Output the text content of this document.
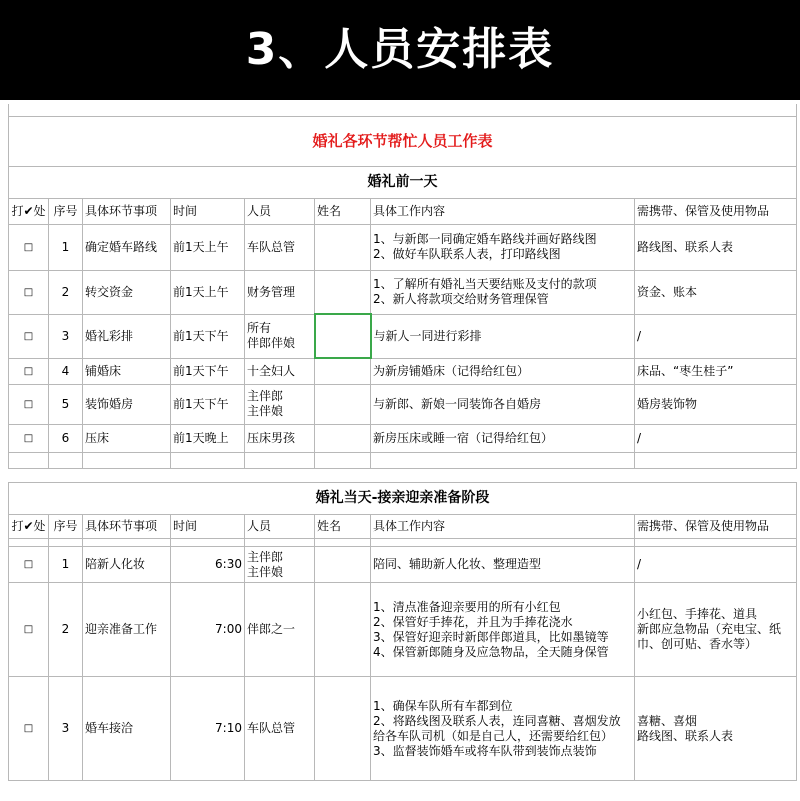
3、人员安排表

婚礼各环节帮忙人员工作表							
婚礼前一天							
打✔处	序号	具体环节事项	时间	人员	姓名	具体工作内容	需携带、保管及使用物品
□	1	确定婚车路线	前1天上午	车队总管		1、与新郎一同确定婚车路线并画好路线图
2、做好车队联系人表，打印路线图	路线图、联系人表
□	2	转交资金	前1天上午	财务管理		1、了解所有婚礼当天要结账及支付的款项
2、新人将款项交给财务管理保管	资金、账本
□	3	婚礼彩排	前1天下午	所有
伴郎伴娘		与新人一同进行彩排	/
□	4	铺婚床	前1天下午	十全妇人		为新房铺婚床（记得给红包）	床品、“枣生桂子”
□	5	装饰婚房	前1天下午	主伴郎
主伴娘		与新郎、新娘一同装饰各自婚房	婚房装饰物
□	6	压床	前1天晚上	压床男孩		新房压床或睡一宿（记得给红包）	/

婚礼当天-接亲迎亲准备阶段							
打✔处	序号	具体环节事项	时间	人员	姓名	具体工作内容	需携带、保管及使用物品

□	1	陪新人化妆	6:30	主伴郎
主伴娘		陪同、辅助新人化妆、整理造型	/
□	2	迎亲准备工作	7:00	伴郎之一		1、清点准备迎亲要用的所有小红包
2、保管好手捧花，并且为手捧花浇水
3、保管好迎亲时新郎伴郎道具，比如墨镜等
4、保管新郎随身及应急物品，全天随身保管	小红包、手捧花、道具
新郎应急物品（充电宝、纸巾、创可贴、香水等）
□	3	婚车接洽	7:10	车队总管		1、确保车队所有车都到位
2、将路线图及联系人表，连同喜糖、喜烟发放给各车队司机（如是自己人，还需要给红包）
3、监督装饰婚车或将车队带到装饰点装饰	喜糖、喜烟
路线图、联系人表
